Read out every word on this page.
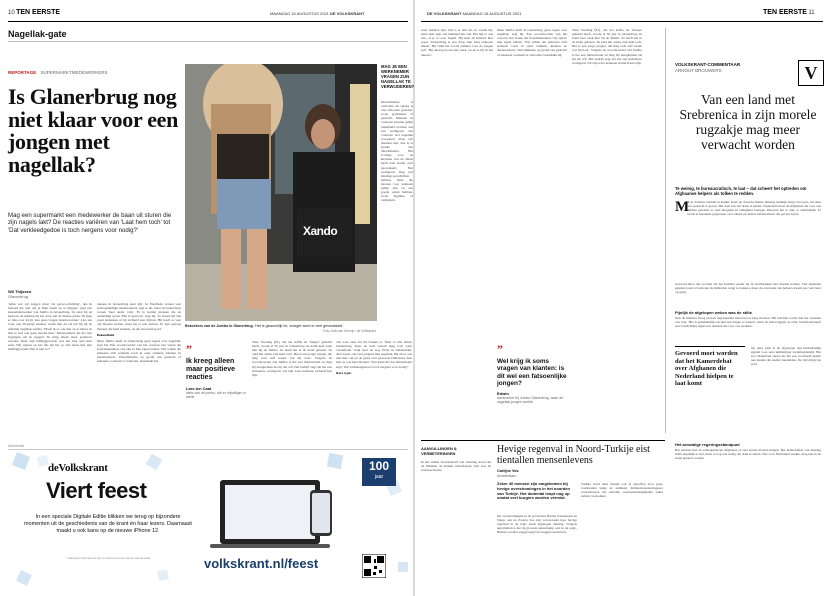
10 TEN EERSTE	MAANDAG 16 AUGUSTUS 2021 DE VOLKSKRANT
Nagellak-gate
REPORTAGE SUPERMARKTMEDEWERKERS
Is Glanerbrug nog niet klaar voor een jongen met nagellak?
Mag een supermarkt een medewerker de baan uit sturen die zijn nagels lakt? De reacties variëren van 'Laat hem toch' tot 'Dat verkleedgedoe is toch nergens voor nodig?'
Wil Thijssen
Glanerbrug

'Alles wat wij zeggen moet via persvoorlichting', dus ik behoud me niet om je mijn naam op te krijgen', zegt een kassamedewerker van Jumbo in Glanerbrug. Ze staat bij de kassa in de kantine bij het dorp aan de Duitse grens. 'Ik mag er niks over kwijt, kan geen vragen beantwoorden.' Lars ten Caat, een 20-jarige student, werkt hier en zei dat hij bij de afdeling nagellak werkte. 'Hoeft ik er ook niet op te letten, ik heb er zelf ook geen moeite mee.' Medewerkers die het niet begrijpen wil ik zeggen: 'Ik krijg alleen maar positieve reacties' maar zijn leidinggevende was het daar niet mee eens. Wij wijzen op het feit dat hij op zijn beurt met zijn leidinggevende 'Het is niet zo?'

dennen in Glanerbrug kent mij'. In Enschede wonen veel homogamelijke medewerkers, legt er uit, maar in Glanerbrug wonen 'heel ander volk'. Er is weinig mensen die en aanleiding geven 'Het is gewoon', zegt hij. Zo moest hij dus goed nadenken of hij zichzelf kon blijven. Hij heeft er veel om moeten lachen, maar hij is ook serieus. Er zijn genoeg mensen die hem steunen, en dat doet hem goed.

Bekendheid

Maar Jumbo heeft in Glanerbrug geen regels over nagellak, zegt hij. Een woordvoerder van het concern laat weten dat franchisenemers vrij zijn in hun eigen beleid. 'Wij willen dat iedereen zich welkom voelt in onze winkels, klanten en medewerkers.' Discriminatie op grond van geslacht of seksuele voorkeur is verboden, benadrukt hij.

Xando
Bezoekers van de Jumbo in Glanerbrug. 'Het is gewoonlijk hè, vroeger werd er veel gesmokkeld.'
Foto Joris van Gennip / de Volkskrant
MAG JE EEN WERKNEMER VRAGEN ZIJN NAGELLAK TE VERWIJDEREN?
Discriminatie is verboden als sprake is van verboden gronden, zoals godsdienst of geslacht. Mannen en vrouwen moeten gelijk behandeld worden. Als een werkgever van vrouwen wel nagellak accepteert, maar van mannen niet, dan is er sprake van discriminatie. Het College voor de Rechten van de Mens heeft daar eerder over geoordeeld. Een werkgever mag wel kledingvoorschriften hebben, maar die moeten voor iedereen gelijk zijn en een goede reden hebben, zoals hygiëne of veiligheid.
”
Ik kreeg alleen maar positieve reacties
Lars ten Caat
slets van de jumbo, die er vrijwilliger in werkt

Thea Veerling (81), die net koffie en 'frietjes' gehaald heeft, woont al 50 jaar in Glanerbrug en komt heel vaak hier bij de Jumbo. Ze heeft het in de krant gelezen. 'Ik vind het onzin, laat hem toch. Het is een jonge jongen, die mag toch zelf weten wat hij doet.' Volgens de woordvoerder van Jumbo is het een misverstand en mag hij terugkomen als hij dat wil. Het bedrijf zegt dat het een inclusieve werkgever wil zijn waar iedereen zichzelf kan zijn.

van Cast zien dat hij bomen is. 'Daar is niet alleen Glanerbrug, maar de hele wereld mag toch weer veranderen.' Kijk naar de Gay Pride in Amsterdam, daar lopen ook veel jongens met nagellak. Hij zit er ook niet mee. 'Als je de grens over gaat naar Duitsland, daar zijn ze ook heel modern.' Een klant die net binnenkomt zegt: 'Dat verkleedgedoe is toch nergens voor nodig?'

Rare types

Advertentie
deVolkskrant
Viert feest
In een speciale Digitale Editie blikken we terug op bijzondere momenten uit de geschiedenis van de krant én haar lezers. Daarnaast maakt u ook kans op de nieuwe iPhone 12.
* Geldt geen abonnee is zijn om deel te kunnen nemen aan de actie
100
jaar
volkskrant.nl/feest
DE VOLKSKRANT MAANDAG 16 AUGUSTUS 2021	TEN EERSTE 11

weer behalve zijn. Dat is er niet uit, zo vertelt hij, maar daar zegt ook niemand iets van. Het ligt er ook aan, of je er over begint. Hij kent de klanten hier goed. 'Glanerbrug is een dorp, hier kent iedereen elkaar.' Hij vindt het vooral jammer voor de jongen zelf. 'Hij deed gewoon zijn werk, en nu is hij in het nieuws.'

”
Wel krijg ik soms vragen van klanten: is dit wel een fatsoenlijke jongen?
Edwin
werknemer bij Jumbo Glanerbrug, waar de nagellak-jongen werkte

Maar Jumbo heeft in Glanerbrug geen regels over nagellak, zegt hij. Een woordvoerder van het concern laat weten dat franchisenemers vrij zijn in hun eigen beleid. 'Wij willen dat iedereen zich welkom voelt in onze winkels, klanten en medewerkers.' Discriminatie op grond van geslacht of seksuele voorkeur is verboden, benadrukt hij.

Thea Veerling (81), die net koffie en 'frietjes' gehaald heeft, woont al 50 jaar in Glanerbrug en komt heel vaak hier bij de Jumbo. Ze heeft het in de krant gelezen. 'Ik vind het onzin, laat hem toch. Het is een jonge jongen, die mag toch zelf weten wat hij doet.' Volgens de woordvoerder van Jumbo is het een misverstand en mag hij terugkomen als hij dat wil. Het bedrijf zegt dat het een inclusieve werkgever wil zijn waar iedereen zichzelf kan zijn.	VOLKSKRANT-COMMENTAAR
ARNOUT BROUWERS	V
Van een land met Srebrenica in zijn morele rugzakje mag meer verwacht worden
Te weinig, te bureaucratisch, te laat – dat scheert het optreden om Afghaanse helpers als tolken te redden.
M
et de Taliban rondom in Kabul, komt de Tweede Kamer dinsdag tijdelijk terug van reces om deze een opdracht te geven. Het doel van dat debat is helder: Nederland moet de Afghanen die voor ons hebben gewerkt zo snel mogelijk in veiligheid brengen. Hoeveel het er zijn, is onduidelijk. Er wordt al maanden gesproken over tolken en andere medewerkers die gevaar lopen.
Gevoerd moet dus worden dat het Kabinet eerder uit de startblokken had moeten komen. Vier maanden geleden werd al besloten de militairen terug te trekken, maar de evacuatie van helpers kwam pas veel later op gang.
Pijnlijk de afgelopen weken was de stilte
Ook de minister Kaag en haar departement lieten het te lang afweten. Het Kabinet wacht met het verlenen van visa. 'Het is gemakkelijk om met een vinger te wijzen', maar de feiten liggen op tafel. Nederland heeft een verplichting tegenover mensen die voor ons werkten.
Gevoerd moet worden dat het Kamerdebat over Afghanen die Nederland hielpen te laat komt
Op deze plek is de afgelopen tijd herhaaldelijk gepleit voor een ruimhartiger toelatingsbeleid. Het zou Nederland sieren als het een voorbeeld neemt aan landen die sneller handelden. De tijd dringt nu echt.
Het armzalige regeringsstandpunt
Het kabinet had de achtergebleven Afghanen al veel eerder moeten helpen. Het Kamerdebat van dinsdag komt eigenlijk te laat, maar is nog wel nodig om druk te zetten. Wie voor Nederland werkte, mag niet in de steek gelaten worden.
AANVULLINGEN & VERBETERINGEN
In het artikel 'Grensbeleid' van zaterdag stond dat de Minister de Kamer informeerde. Dat was de staatssecretaris.
Hevige regenval in Noord-Turkije eist tientallen mensenlevens
Carlijne Vos
Amsterdam
Zeker 40 mensen zijn omgekomen bij hevige overstromingen in het noorden van Turkije. Het dodental loopt nog op omdat veel burgers worden vermist.
De overstromingen in de provincies Bartin, Kastamonu en Sinop, aan de Zwarte Zee zijn veroorzaakt door hevige regenval in de regio sinds afgelopen dinsdag. Volgens autoriteiten is het de grootste natuurramp ooit in de regio. Huizen werden weggevaagd en bruggen stortten in.
Turkije werd deze maand ook al getroffen door grote bosbranden langs de zuidkust. Klimaatwetenschappers waarschuwen dat extreme weersomstandigheden vaker zullen voorkomen.
